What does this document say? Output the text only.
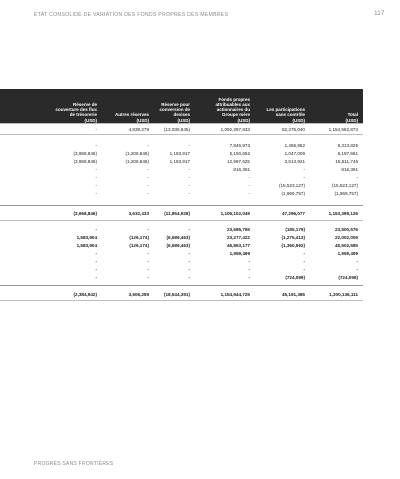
ÉTAT CONSOLIDÉ DE VARIATION DES FONDS PROPRES DES MEMBRES	117
Réserve de
couverture des flux
de trésorerie
(USD)
Autres réserves
(USD)
Réserve pour
conversion de
devises
(USD)
Fonds propres
attribuables aux
actionnaires du
Groupe mère
(USD)
Les participations
sans contrôle
(USD)
Total
(USD)
-	4,839,279	(13,036,845)	1,092,297,833	62,275,040	1,154,562,873
-	-	-	7,846,973	1,466,852	9,313,825
(3,968,846)	(1,206,846)	1,183,917	5,150,652	1,047,009	6,197,661
(3,968,846)	(1,206,846)	1,183,917	12,997,625	2,513,921	15,511,746
-	-	-	816,391	-	816,391
-	-	-	-	-	-
-	-	-	-	(15,523,127)	(15,523,127)
-	-	-	-	(1,969,757)	(1,969,757)
(3,968,846)	3,632,433	(11,854,928)	1,106,102,049	47,296,077	1,153,398,126
-	-	-	23,685,755	(185,179)	23,500,576
1,583,904	(126,174)	(6,689,463)	23,277,422	(1,275,413)	22,002,009
1,583,904	(126,174)	(6,689,463)	46,863,177	(1,360,592)	45,502,585
-	-	-	1,959,499	-	1,959,499
-	-	-	-	-	-
-	-	-	-	-	-
-	-	-	-	(724,099)	(724,099)
(2,384,942)	3,506,259	(18,544,391)	1,154,944,725	45,191,386	1,200,136,111
PROGRÈS SANS FRONTIÈRES
